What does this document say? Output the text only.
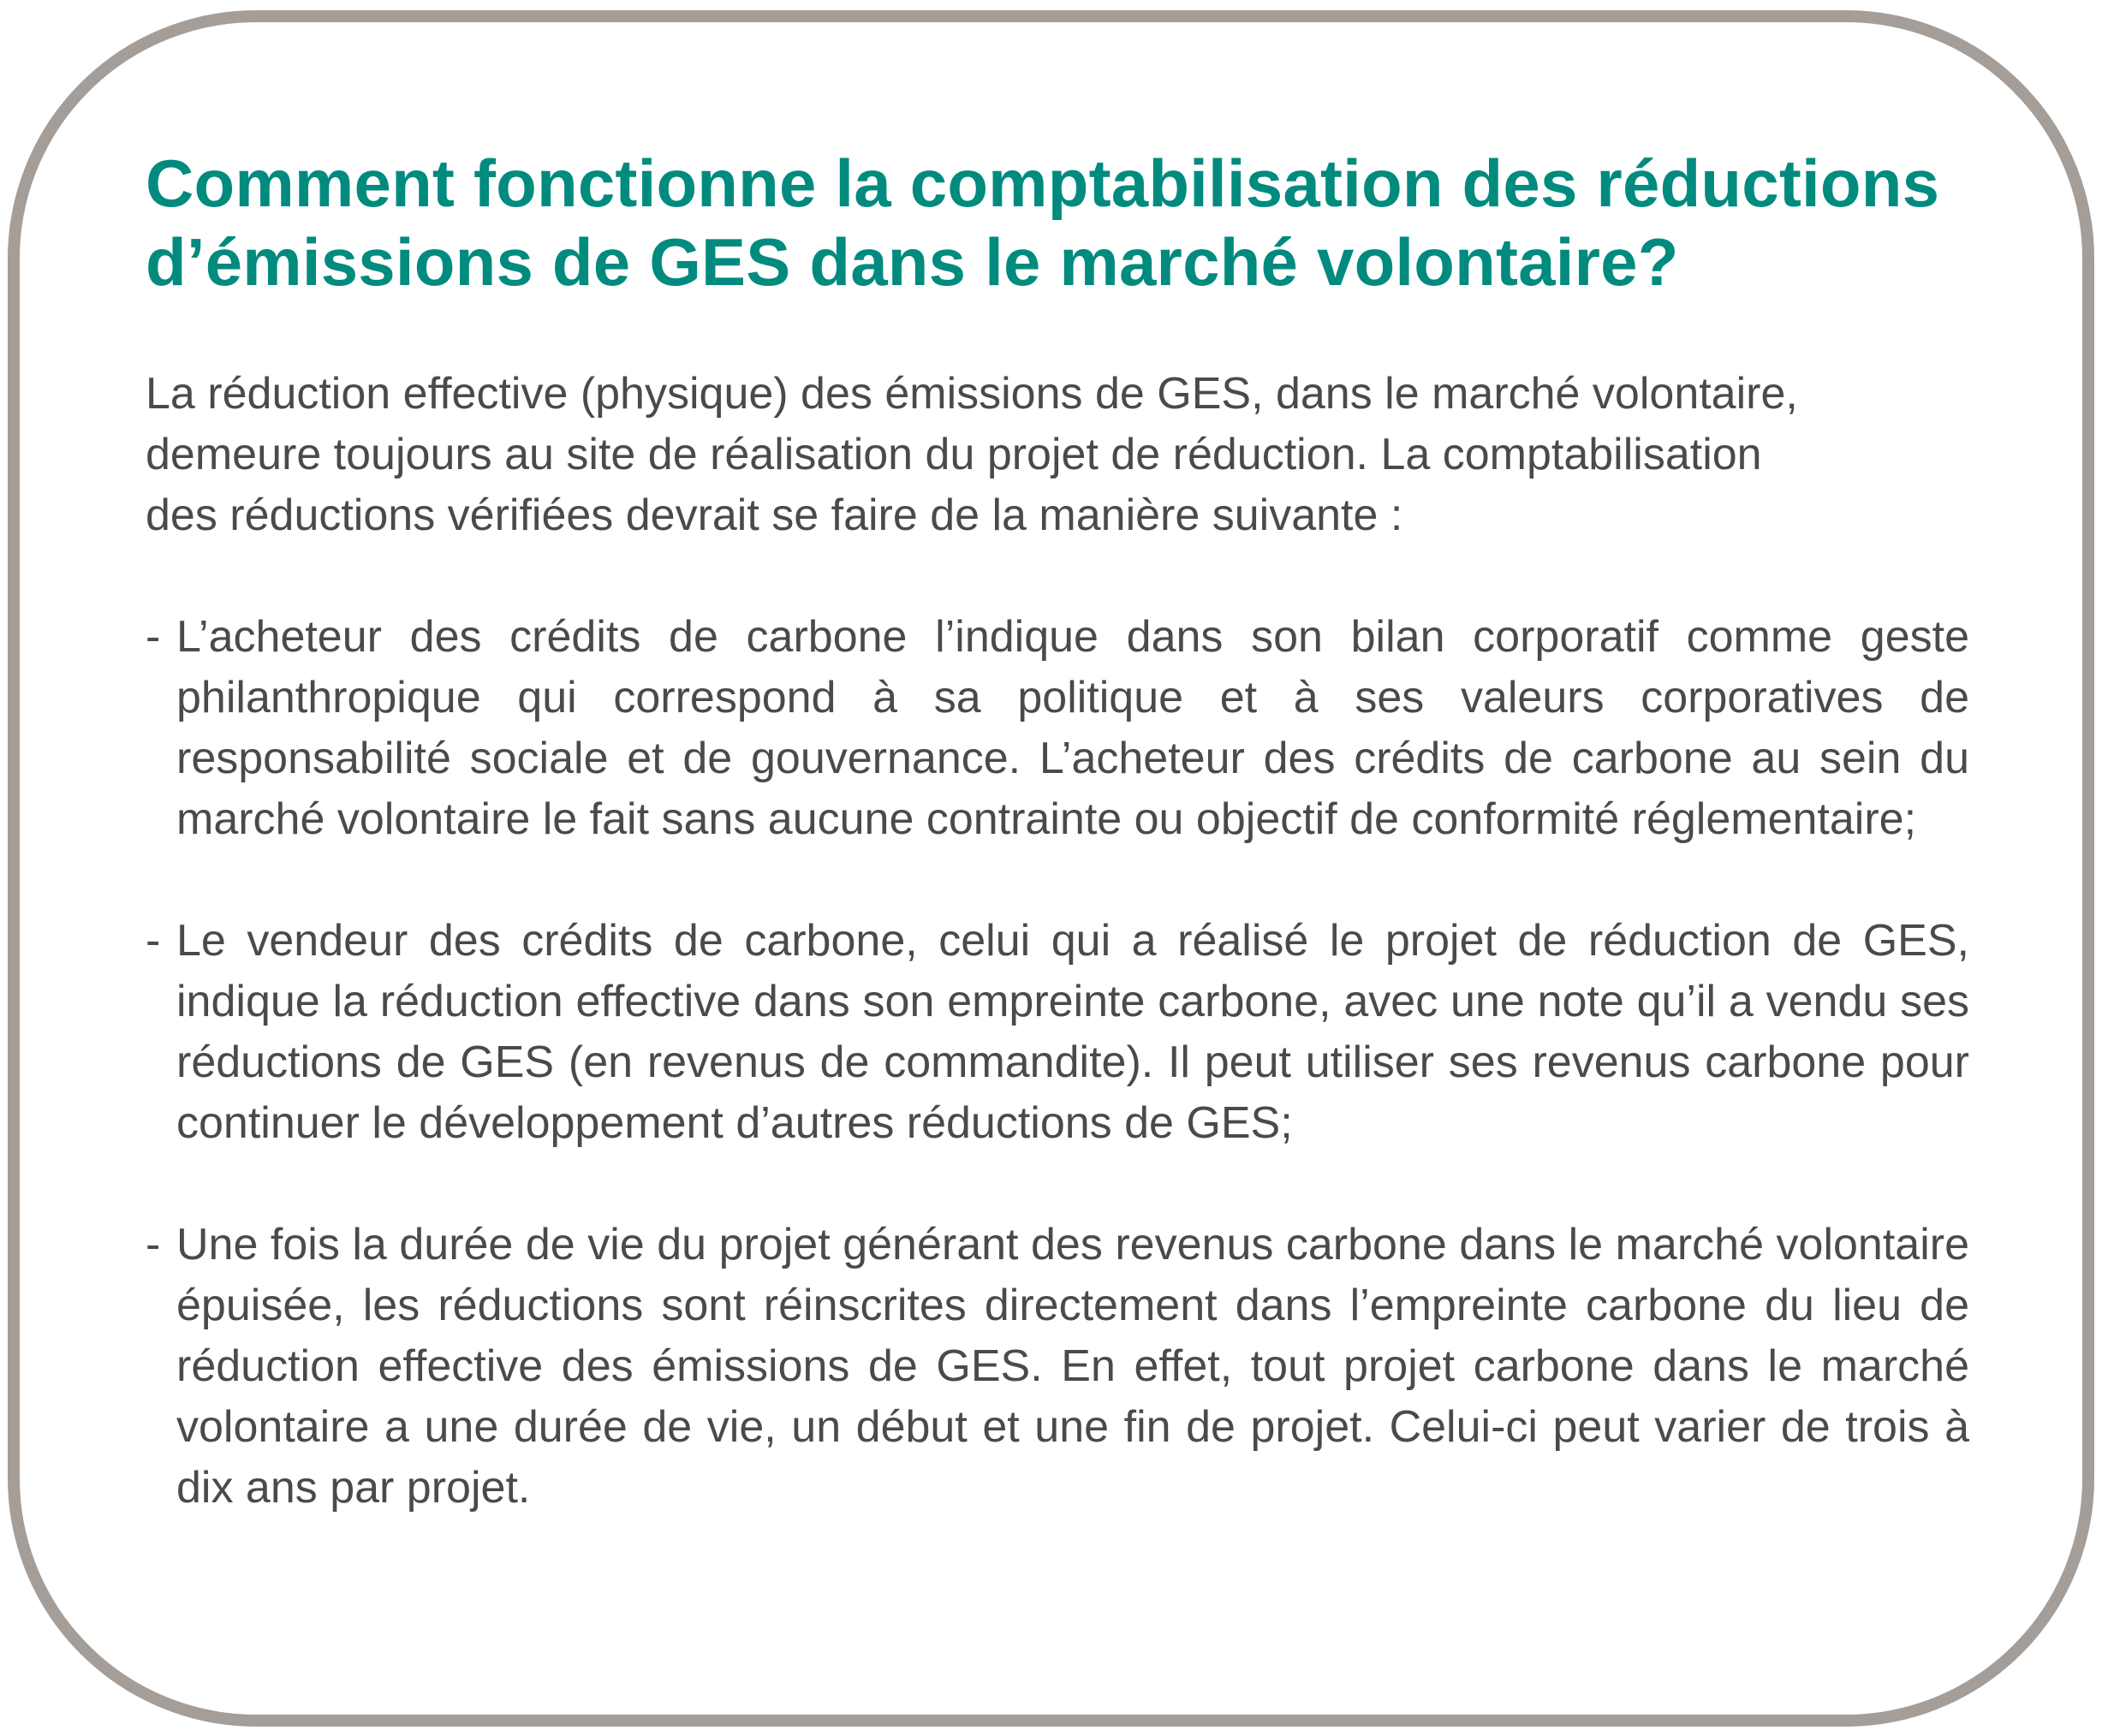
Comment fonctionne la comptabilisation des réductions
d’émissions de GES dans le marché volontaire?

La réduction effective (physique) des émissions de GES, dans le marché volontaire,
demeure toujours au site de réalisation du projet de réduction. La comptabilisation
des réductions vérifiées devrait se faire de la manière suivante :

- L’acheteur des crédits de carbone l’indique dans son bilan corporatif comme geste philanthropique qui correspond à sa politique et à ses valeurs corporatives de responsabilité sociale et de gouvernance. L’acheteur des crédits de carbone au sein du marché volontaire le fait sans aucune contrainte ou objectif de conformité réglementaire;
- Le vendeur des crédits de carbone, celui qui a réalisé le projet de réduction de GES, indique la réduction effective dans son empreinte carbone, avec une note qu’il a vendu ses réductions de GES (en revenus de commandite). Il peut utiliser ses revenus carbone pour continuer le développement d’autres réductions de GES;
- Une fois la durée de vie du projet générant des revenus carbone dans le marché volontaire épuisée, les réductions sont réinscrites directement dans l’empreinte carbone du lieu de réduction effective des émissions de GES. En effet, tout projet carbone dans le marché volontaire a une durée de vie, un début et une fin de projet. Celui-ci peut varier de trois à dix ans par projet.
